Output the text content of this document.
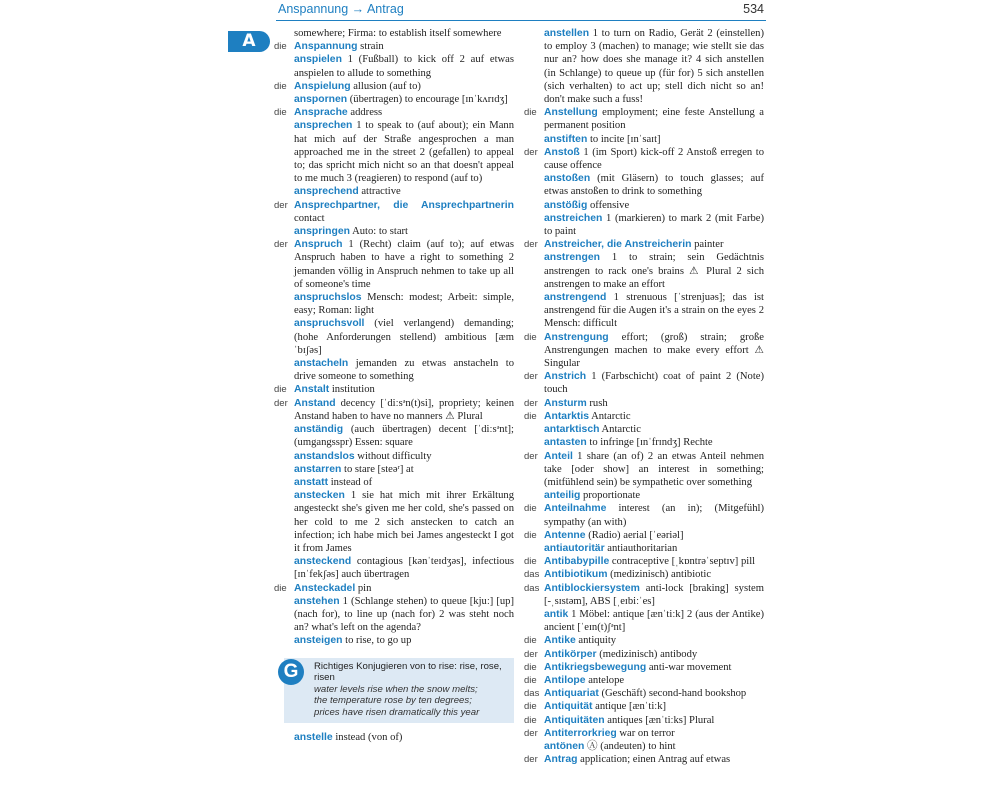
Anspannung → Antrag	534
A	somewhere; Firma: to establish itself somewhere
die Anspannung strain
anspielen 1 (Fußball) to kick off 2 auf etwas anspielen to allude to something
die Anspielung allusion (auf to)
anspornen (übertragen) to encourage [ɪnˈkʌrɪdʒ]
die Ansprache address
ansprechen 1 to speak to (auf about); ein Mann hat mich auf der Straße angesprochen a man approached me in the street 2 (gefallen) to appeal to; das spricht mich nicht so an that doesn't appeal to me much 3 (reagieren) to respond (auf to)
ansprechend attractive
der Ansprechpartner, die Ansprechpartnerin contact
anspringen Auto: to start
der Anspruch 1 (Recht) claim (auf to); auf etwas Anspruch haben to have a right to something 2 jemanden völlig in Anspruch nehmen to take up all of someone's time
anspruchslos Mensch: modest; Arbeit: simple, easy; Roman: light
anspruchsvoll (viel verlangend) demanding; (hohe Anforderungen stellend) ambitious [æmˈbɪʃəs]
anstacheln jemanden zu etwas anstacheln to drive someone to something
die Anstalt institution
der Anstand decency [ˈdiːsᵊn(t)si], propriety; keinen Anstand haben to have no manners ⚠ Plural
anständig (auch übertragen) decent [ˈdiːsᵊnt]; (umgangsspr) Essen: square
anstandslos without difficulty
anstarren to stare [steəʳ] at
anstatt instead of
anstecken 1 sie hat mich mit ihrer Erkältung angesteckt she's given me her cold, she's passed on her cold to me 2 sich anstecken to catch an infection; ich habe mich bei James angesteckt I got it from James
ansteckend contagious [kənˈteɪdʒəs], infectious [ɪnˈfekʃəs] auch übertragen
die Ansteckadel pin
anstehen 1 (Schlange stehen) to queue [kjuː] [up] (nach for), to line up (nach for) 2 was steht noch an? what's left on the agenda?
ansteigen to rise, to go up
G	Richtiges Konjugieren von to rise: rise, rose, risen
water levels rise when the snow melts;
the temperature rose by ten degrees;
prices have risen dramatically this year
anstelle instead (von of)
anstellen 1 to turn on Radio, Gerät 2 (einstellen) to employ 3 (machen) to manage; wie stellt sie das nur an? how does she manage it? 4 sich anstellen (in Schlange) to queue up (für for) 5 sich anstellen (sich verhalten) to act up; stell dich nicht so an! don't make such a fuss!
die Anstellung employment; eine feste Anstellung a permanent position
anstiften to incite [ɪnˈsaɪt]
der Anstoß 1 (im Sport) kick-off 2 Anstoß erregen to cause offence
anstoßen (mit Gläsern) to touch glasses; auf etwas anstoßen to drink to something
anstößig offensive
anstreichen 1 (markieren) to mark 2 (mit Farbe) to paint
der Anstreicher, die Anstreicherin painter
anstrengen 1 to strain; sein Gedächtnis anstrengen to rack one's brains ⚠ Plural 2 sich anstrengen to make an effort
anstrengend 1 strenuous [ˈstrenjuəs]; das ist anstrengend für die Augen it's a strain on the eyes 2 Mensch: difficult
die Anstrengung effort; (groß) strain; große Anstrengungen machen to make every effort ⚠ Singular
der Anstrich 1 (Farbschicht) coat of paint 2 (Note) touch
der Ansturm rush
die Antarktis Antarctic
antarktisch Antarctic
antasten to infringe [ɪnˈfrɪndʒ] Rechte
der Anteil 1 share (an of) 2 an etwas Anteil nehmen take [oder show] an interest in something; (mitfühlend sein) be sympathetic over something
anteilig proportionate
die Anteilnahme interest (an in); (Mitgefühl) sympathy (an with)
die Antenne (Radio) aerial [ˈeəriəl]
antiautoritär antiauthoritarian
die Antibabypille contraceptive [ˌkɒntrəˈseptɪv] pill
das Antibiotikum (medizinisch) antibiotic
das Antiblockiersystem anti-lock [braking] system [-ˌsɪstəm], ABS [ˌeɪbiːˈes]
antik 1 Möbel: antique [ænˈtiːk] 2 (aus der Antike) ancient [ˈeɪn(t)ʃᵊnt]
die Antike antiquity
der Antikörper (medizinisch) antibody
die Antikriegsbewegung anti-war movement
die Antilope antelope
das Antiquariat (Geschäft) second-hand bookshop
die Antiquität antique [ænˈtiːk]
die Antiquitäten antiques [ænˈtiːks] Plural
der Antiterrorkrieg war on terror
antönen Ⓐ (andeuten) to hint
der Antrag application; einen Antrag auf etwas
